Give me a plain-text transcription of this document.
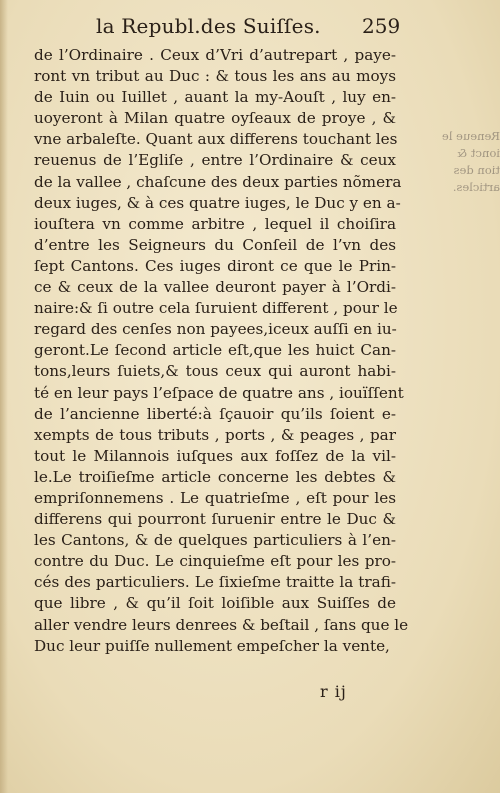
la Republ.des Suiſſes. 259
de l’Ordinaire . Ceux d’Vri d’autrepart , paye-
ront vn tribut au Duc : & tous les ans au moys
de Iuin ou Iuillet , auant la my-Aouſt , luy en-
uoyeront à Milan quatre oyſeaux de proye , &
vne arbaleſte. Quant aux differens touchant les
reuenus de l’Egliſe , entre l’Ordinaire & ceux
de la vallee , chaſcune des deux parties nõmera
deux iuges, & à ces quatre iuges, le Duc y en a-
iouſtera vn comme arbitre , lequel il choiſira
d’entre les Seigneurs du Conſeil de l’vn des
ſept Cantons. Ces iuges diront ce que le Prin-
ce & ceux de la vallee deuront payer à l’Ordi-
naire:& ſi outre cela ſuruient different , pour le
regard des cenſes non payees,iceux auſſi en iu-
geront.Le ſecond article eſt,que les huict Can-
tons,leurs ſuiets,& tous ceux qui auront habi-
té en leur pays l’eſpace de quatre ans , iouïſſent
de l’ancienne liberté:à ſçauoir qu’ils ſoient e-
xempts de tous tributs , ports , & peages , par
tout le Milannois iuſques aux foſſez de la vil-
le.Le troiſieſme article concerne les debtes &
empriſonnemens . Le quatrieſme , eſt pour les
differens qui pourront ſuruenir entre le Duc &
les Cantons, & de quelques particuliers à l’en-
contre du Duc. Le cinquieſme eſt pour les pro-
cés des particuliers. Le ſixieſme traitte la trafi-
que libre , & qu’il ſoit loiſible aux Suiſſes de
aller vendre leurs denrees & beſtail , ſans que le
Duc leur puiſſe nullement empeſcher la vente,
Reneue le
ionct &
tion des
articles.
r ij
